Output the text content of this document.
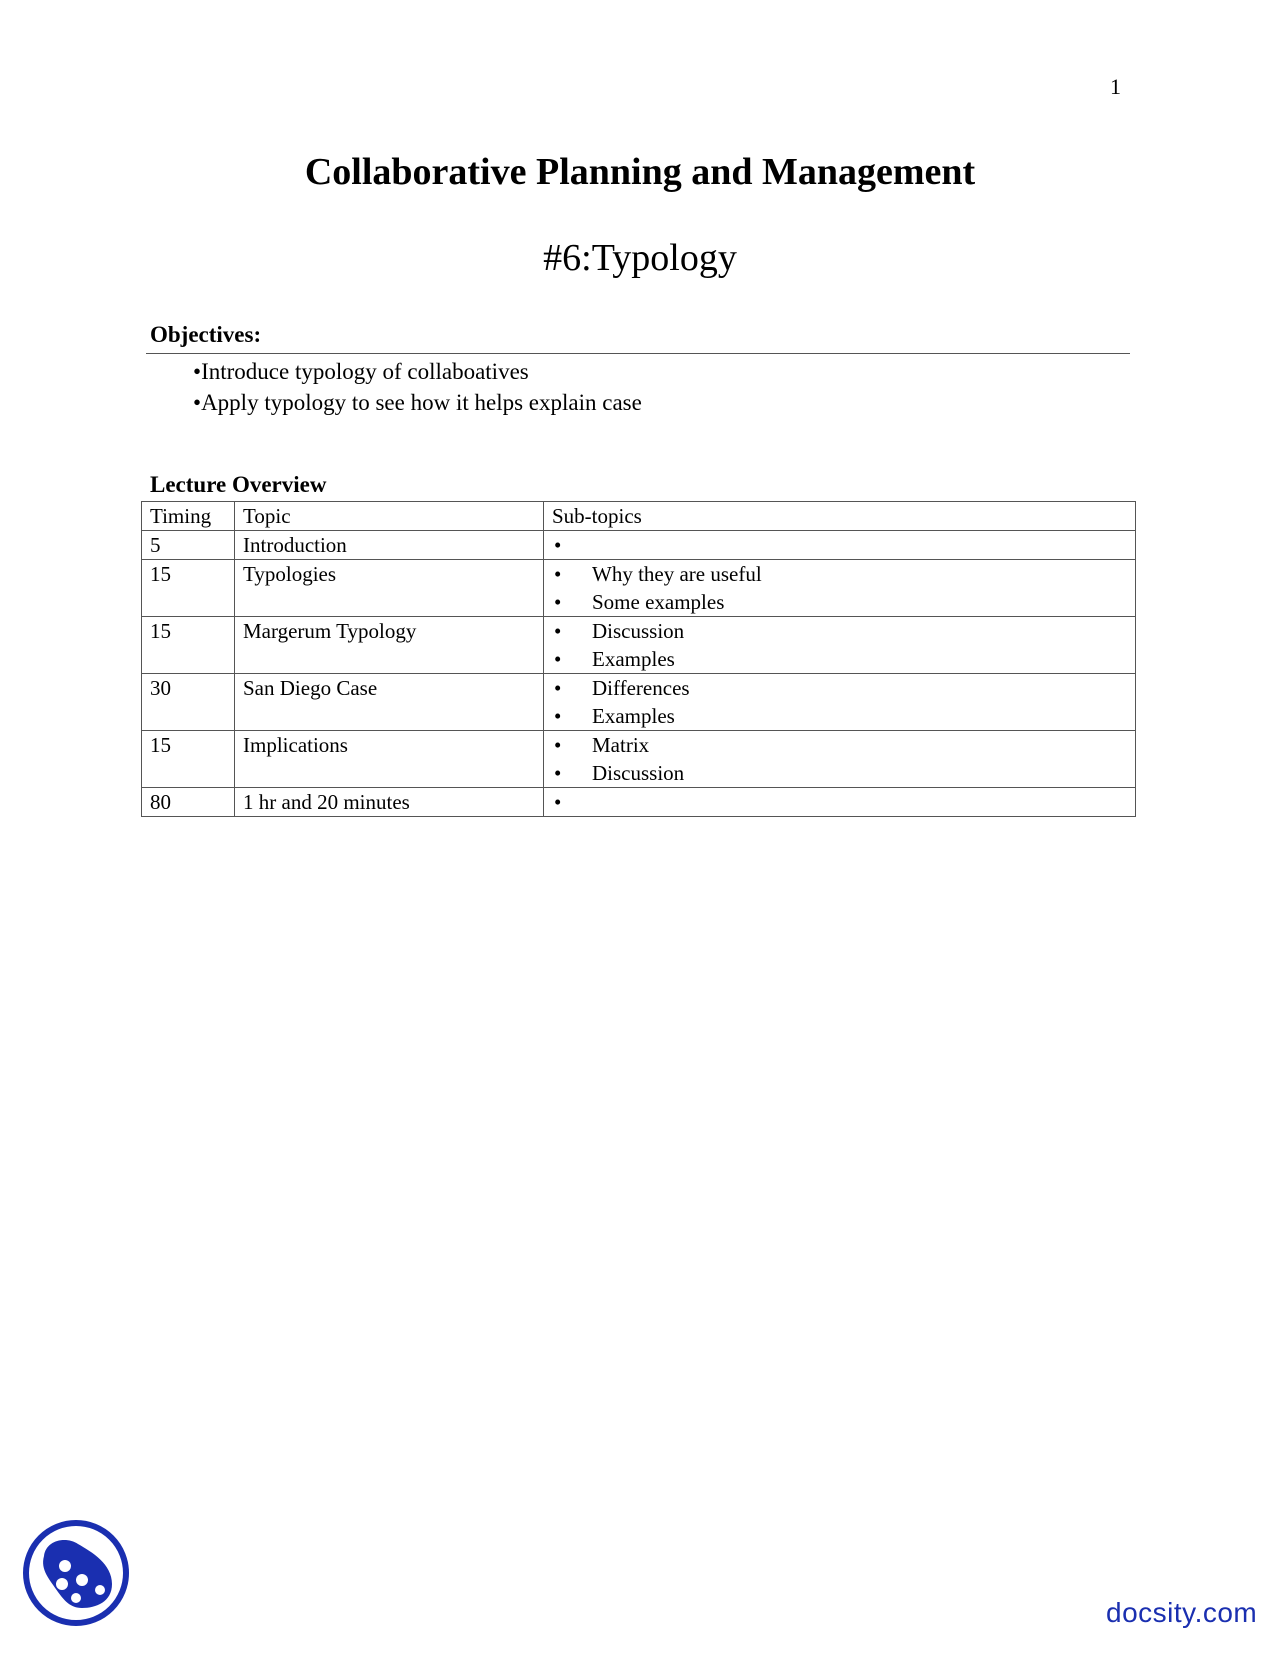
1
Collaborative Planning and Management
#6:Typology
Objectives:
•Introduce typology of collaboatives
•Apply typology to see how it helps explain case
Lecture Overview
Timing	Topic	Sub-topics
5	Introduction	•

15	Typologies	• Why they are useful
• Some examples

15	Margerum Typology	• Discussion
• Examples

30	San Diego Case	• Differences
• Examples

15	Implications	• Matrix
• Discussion

80	1 hr and 20 minutes	•
docsity.com
